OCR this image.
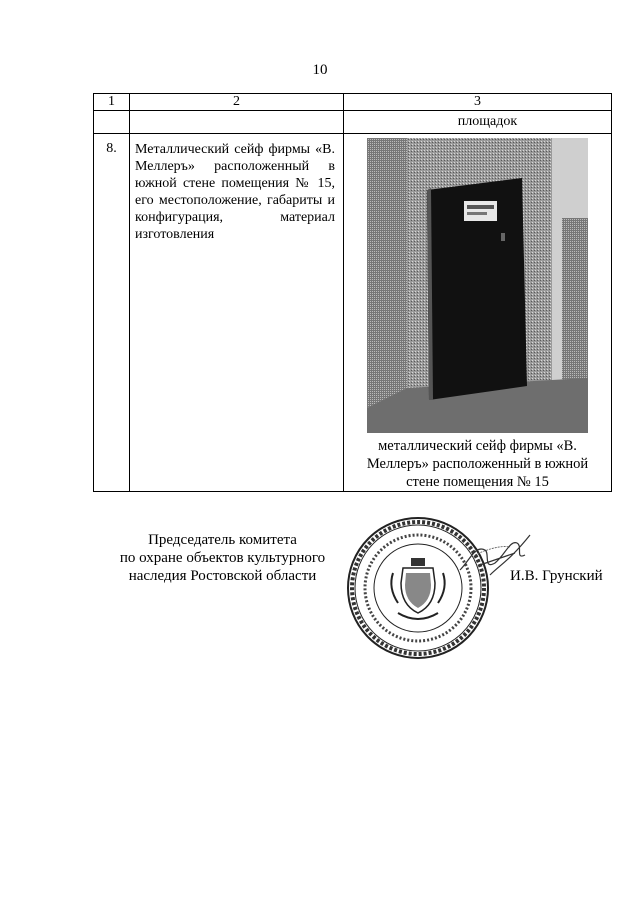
10
1	2	3
		площадок
8.	Металлический сейф фирмы «В. Меллеръ» расположенный в южной стене помещения № 15, его местоположение, габариты и конфигурация, материал изготовления	металлический сейф фирмы «В. Меллеръ» расположенный в южной стене помещения № 15
Председатель комитета
по охране объектов культурного
наследия Ростовской области	И.В. Грунский
